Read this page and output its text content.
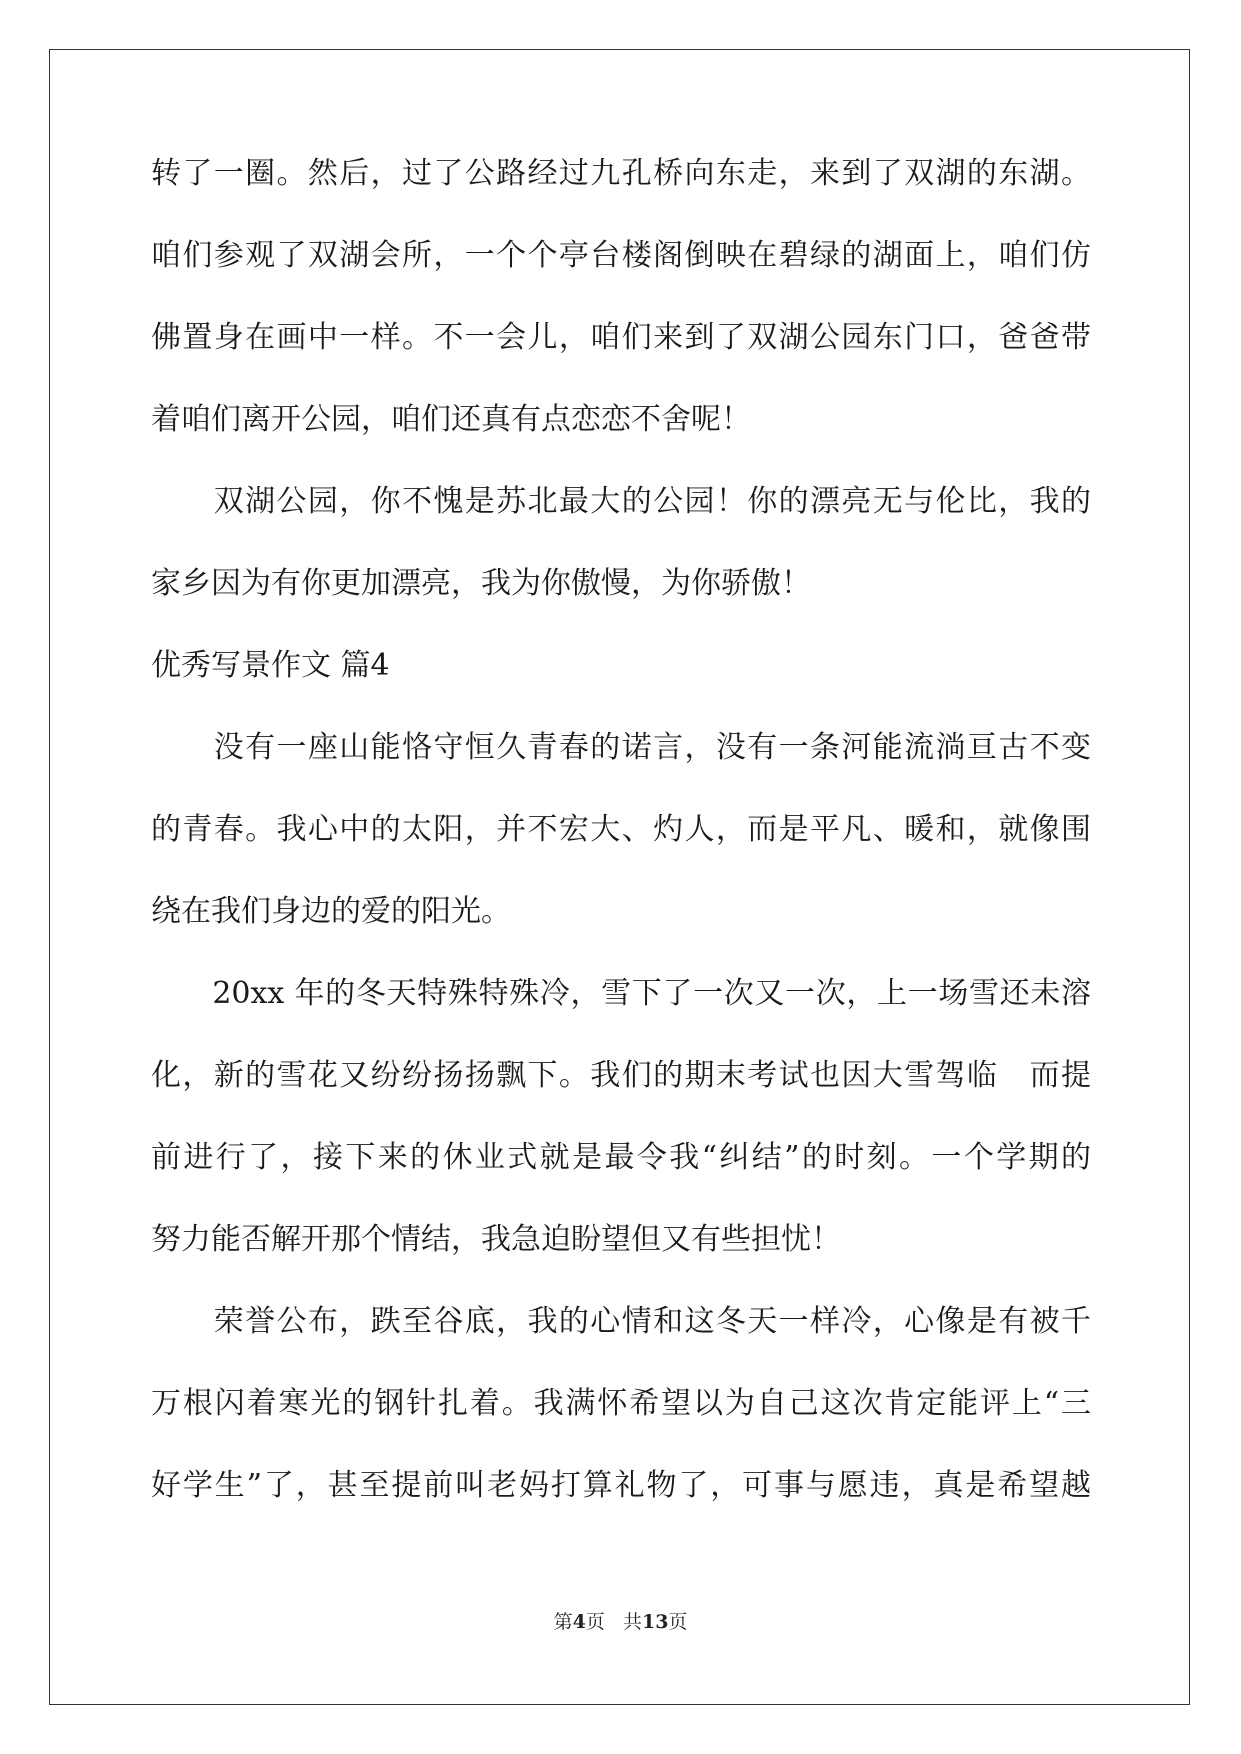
转了一圈。然后，过了公路经过九孔桥向东走，来到了双湖的东湖。
咱们参观了双湖会所，一个个亭台楼阁倒映在碧绿的湖面上，咱们仿
佛置身在画中一样。不一会儿，咱们来到了双湖公园东门口，爸爸带
着咱们离开公园，咱们还真有点恋恋不舍呢！
　　双湖公园，你不愧是苏北最大的公园！你的漂亮无与伦比，我的
家乡因为有你更加漂亮，我为你傲慢，为你骄傲！
优秀写景作文 篇4
　　没有一座山能恪守恒久青春的诺言，没有一条河能流淌亘古不变
的青春。我心中的太阳，并不宏大、灼人，而是平凡、暖和，就像围
绕在我们身边的爱的阳光。
　　20xx 年的冬天特殊特殊冷，雪下了一次又一次，上一场雪还未溶
化，新的雪花又纷纷扬扬飘下。我们的期末考试也因大雪驾临　而提
前进行了，接下来的休业式就是最令我“纠结”的时刻。一个学期的
努力能否解开那个情结，我急迫盼望但又有些担忧！
　　荣誉公布，跌至谷底，我的心情和这冬天一样冷，心像是有被千
万根闪着寒光的钢针扎着。我满怀希望以为自己这次肯定能评上“三
好学生”了，甚至提前叫老妈打算礼物了，可事与愿违，真是希望越
第4页 共13页
